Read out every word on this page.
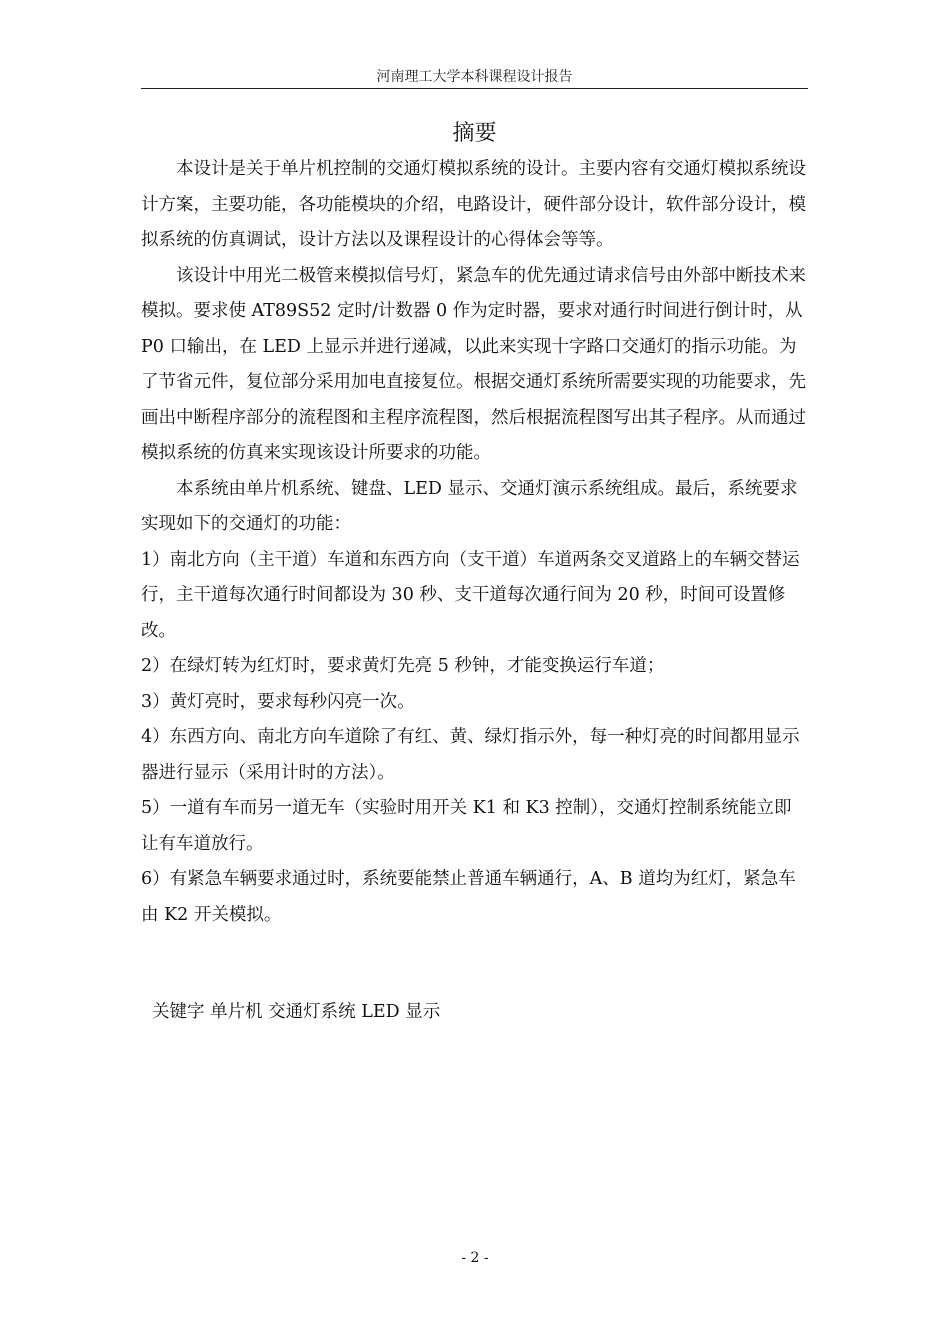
河南理工大学本科课程设计报告
摘要

本设计是关于单片机控制的交通灯模拟系统的设计。主要内容有交通灯模拟系统设计方案，主要功能，各功能模块的介绍，电路设计，硬件部分设计，软件部分设计，模拟系统的仿真调试，设计方法以及课程设计的心得体会等等。

该设计中用光二极管来模拟信号灯，紧急车的优先通过请求信号由外部中断技术来模拟。要求使 AT89S52 定时/计数器 0 作为定时器，要求对通行时间进行倒计时，从 P0 口输出，在 LED 上显示并进行递减，以此来实现十字路口交通灯的指示功能。为了节省元件，复位部分采用加电直接复位。根据交通灯系统所需要实现的功能要求，先画出中断程序部分的流程图和主程序流程图，然后根据流程图写出其子程序。从而通过模拟系统的仿真来实现该设计所要求的功能。

本系统由单片机系统、键盘、LED 显示、交通灯演示系统组成。最后，系统要求实现如下的交通灯的功能：

1）南北方向（主干道）车道和东西方向（支干道）车道两条交叉道路上的车辆交替运行，主干道每次通行时间都设为 30 秒、支干道每次通行间为 20 秒，时间可设置修改。

2）在绿灯转为红灯时，要求黄灯先亮 5 秒钟，才能变换运行车道；

3）黄灯亮时，要求每秒闪亮一次。

4）东西方向、南北方向车道除了有红、黄、绿灯指示外，每一种灯亮的时间都用显示器进行显示（采用计时的方法）。

5）一道有车而另一道无车（实验时用开关 K1 和 K3 控制），交通灯控制系统能立即让有车道放行。

6）有紧急车辆要求通过时，系统要能禁止普通车辆通行，A、B 道均为红灯，紧急车由 K2 开关模拟。

关键字 单片机 交通灯系统 LED 显示
- 2 -
